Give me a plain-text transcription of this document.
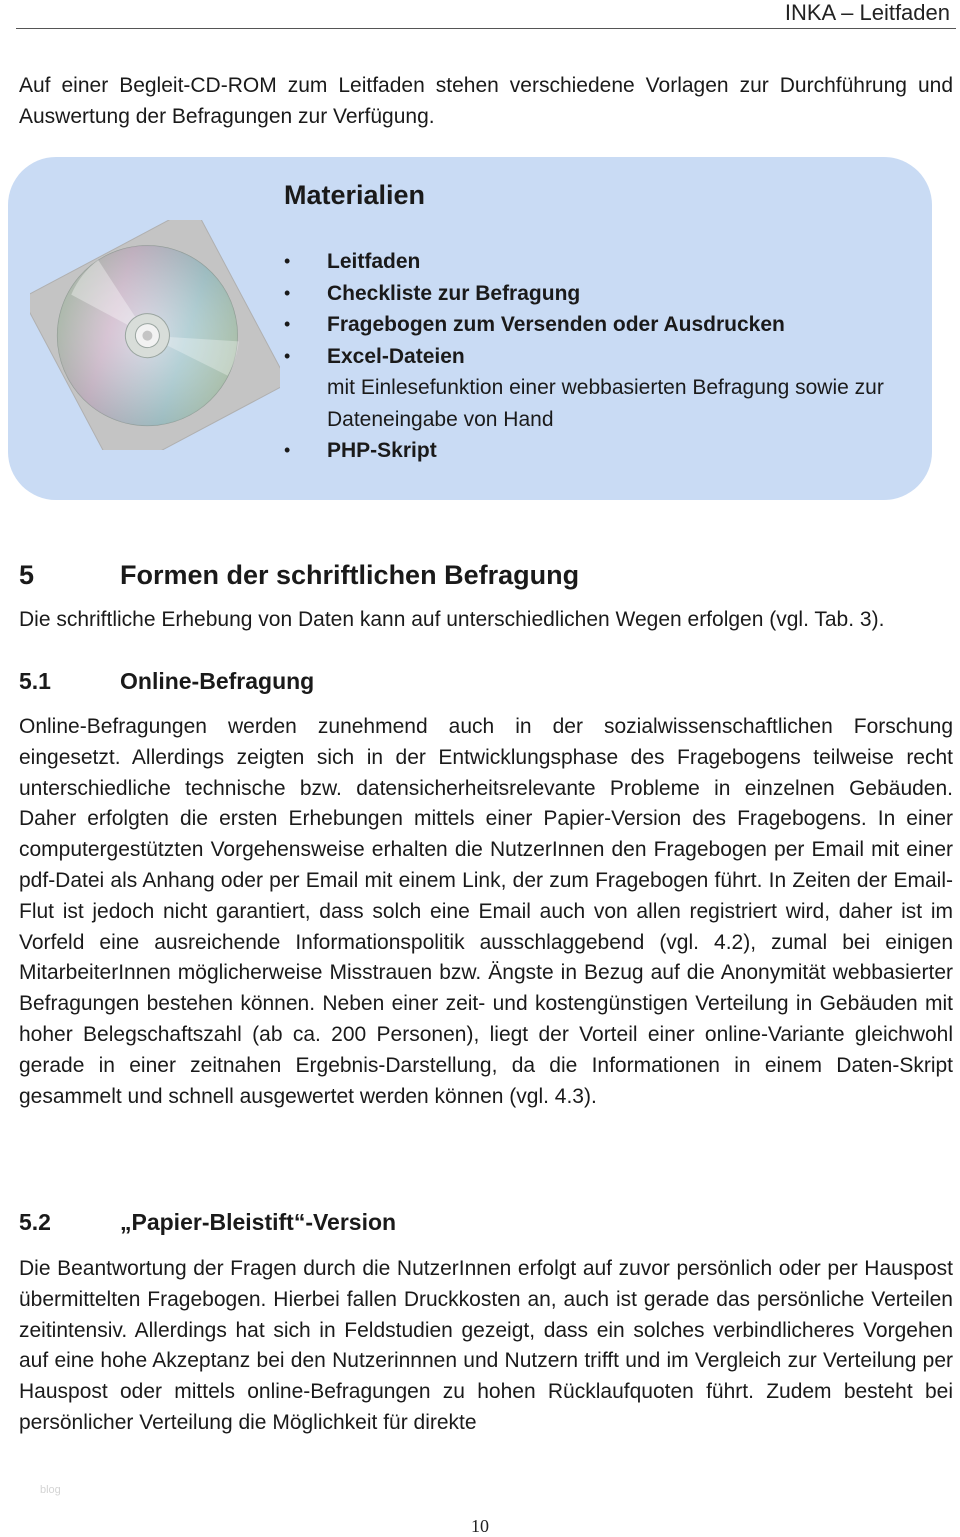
INKA – Leitfaden

Auf einer Begleit-CD-ROM zum Leitfaden stehen verschiedene Vorlagen zur Durchführung und Auswertung der Befragungen zur Verfügung.

Materialien
• Leitfaden
• Checkliste zur Befragung
• Fragebogen zum Versenden oder Ausdrucken
• Excel-Dateien
mit Einlesefunktion einer webbasierten Befragung sowie zur Dateneingabe von Hand
• PHP-Skript
5	Formen der schriftlichen Befragung
Die schriftliche Erhebung von Daten kann auf unterschiedlichen Wegen erfolgen (vgl. Tab. 3).
5.1	Online-Befragung

Online-Befragungen werden zunehmend auch in der sozialwissenschaftlichen Forschung eingesetzt. Allerdings zeigten sich in der Entwicklungsphase des Fragebogens teilweise recht unterschiedliche technische bzw. datensicherheitsrelevante Probleme in einzelnen Gebäuden. Daher erfolgten die ersten Erhebungen mittels einer Papier-Version des Fragebogens. In einer computergestützten Vorgehensweise erhalten die NutzerInnen den Fragebogen per Email mit einer pdf-Datei als Anhang oder per Email mit einem Link, der zum Fragebogen führt. In Zeiten der Email-Flut ist jedoch nicht garantiert, dass solch eine Email auch von allen registriert wird, daher ist im Vorfeld eine ausreichende Informationspolitik ausschlaggebend (vgl. 4.2), zumal bei einigen MitarbeiterInnen möglicherweise Misstrauen bzw. Ängste in Bezug auf die Anonymität webbasierter Befragungen bestehen können. Neben einer zeit- und kostengünstigen Verteilung in Gebäuden mit hoher Belegschaftszahl (ab ca. 200 Personen), liegt der Vorteil einer online-Variante gleichwohl gerade in einer zeitnahen Ergebnis-Darstellung, da die Informationen in einem Daten-Skript gesammelt und schnell ausgewertet werden können (vgl. 4.3).

5.2	„Papier-Bleistift“-Version

Die Beantwortung der Fragen durch die NutzerInnen erfolgt auf zuvor persönlich oder per Hauspost übermittelten Fragebogen. Hierbei fallen Druckkosten an, auch ist gerade das persönliche Verteilen zeitintensiv. Allerdings hat sich in Feldstudien gezeigt, dass ein solches verbindlicheres Vorgehen auf eine hohe Akzeptanz bei den Nutzerinnnen und Nutzern trifft und im Vergleich zur Verteilung per Hauspost oder mittels online-Befragungen zu hohen Rücklaufquoten führt. Zudem besteht bei persönlicher Verteilung die Möglichkeit für direkte

blog
10
